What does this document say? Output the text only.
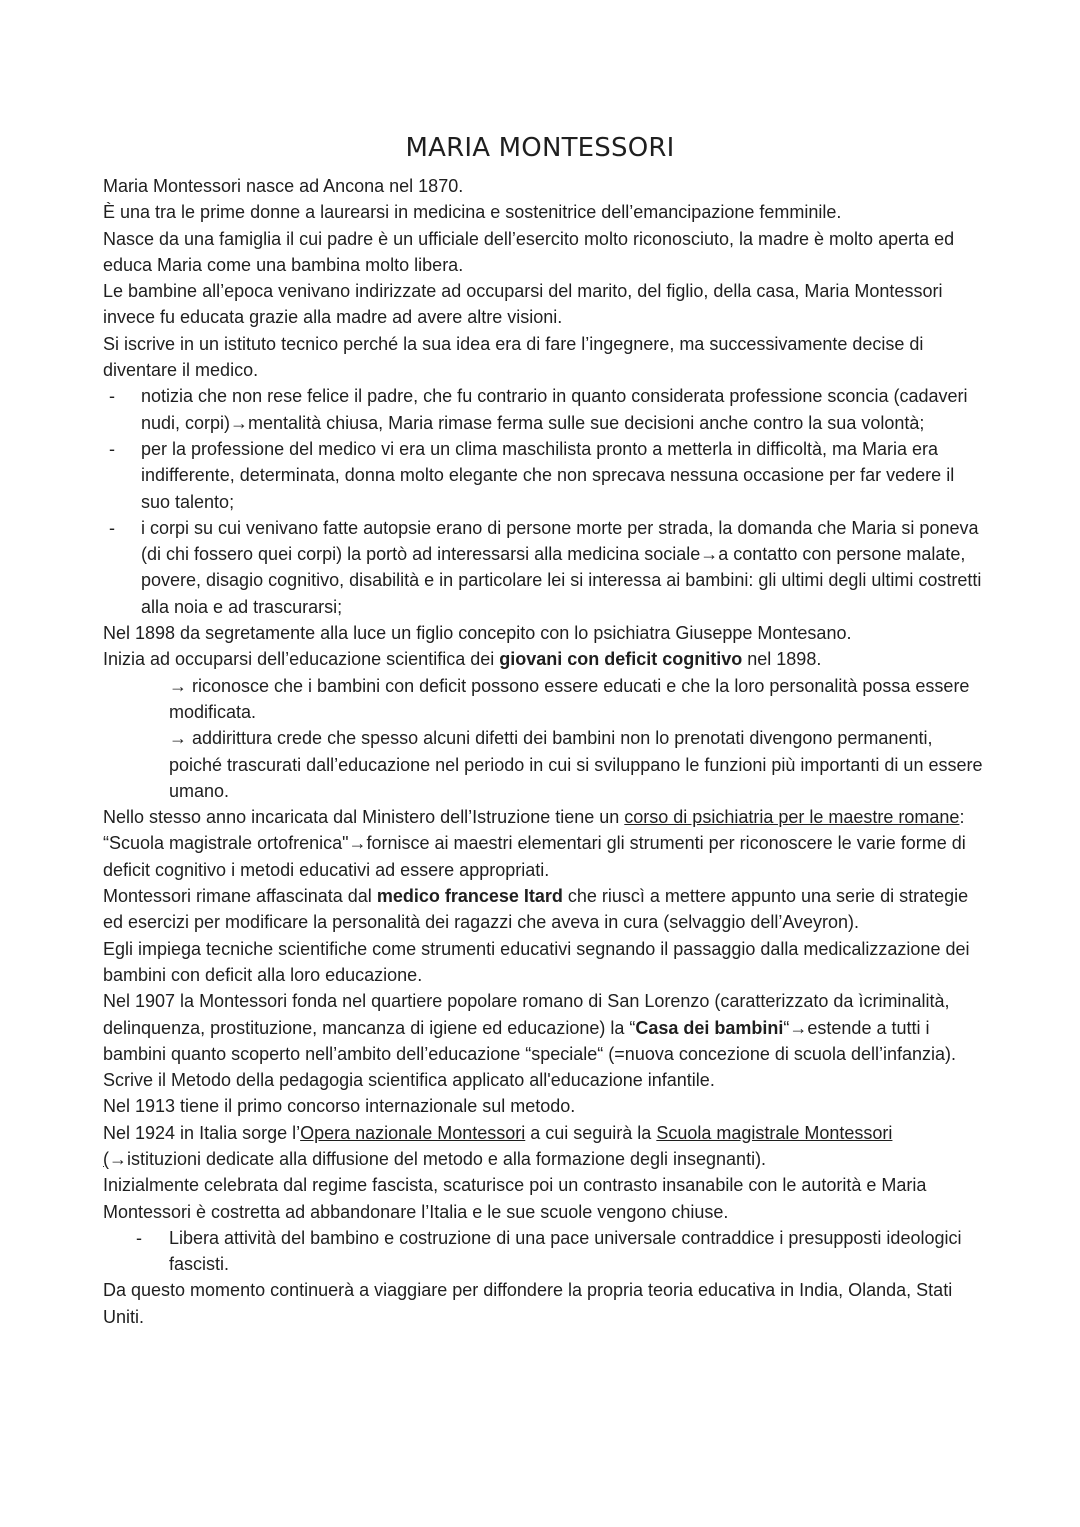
MARIA MONTESSORI

Maria Montessori nasce ad Ancona nel 1870.

È una tra le prime donne a laurearsi in medicina e sostenitrice dell’emancipazione femminile.

Nasce da una famiglia il cui padre è un ufficiale dell’esercito molto riconosciuto, la madre è molto aperta ed educa Maria come una bambina molto libera.

Le bambine all’epoca venivano indirizzate ad occuparsi del marito, del figlio, della casa, Maria Montessori invece fu educata grazie alla madre ad avere altre visioni.

Si iscrive in un istituto tecnico perché la sua idea era di fare l’ingegnere, ma successivamente decise di diventare il medico.

- notizia che non rese felice il padre, che fu contrario in quanto considerata professione sconcia (cadaveri nudi, corpi)→mentalità chiusa, Maria rimase ferma sulle sue decisioni anche contro la sua volontà;

- per la professione del medico vi era un clima maschilista pronto a metterla in difficoltà, ma Maria era indifferente, determinata, donna molto elegante che non sprecava nessuna occasione per far vedere il suo talento;

- i corpi su cui venivano fatte autopsie erano di persone morte per strada, la domanda che Maria si poneva (di chi fossero quei corpi) la portò ad interessarsi alla medicina sociale→a contatto con persone malate, povere, disagio cognitivo, disabilità e in particolare lei si interessa ai bambini: gli ultimi degli ultimi costretti alla noia e ad trascurarsi;

Nel 1898 da segretamente alla luce un figlio concepito con lo psichiatra Giuseppe Montesano.

Inizia ad occuparsi dell’educazione scientifica dei giovani con deficit cognitivo nel 1898.

→ riconosce che i bambini con deficit possono essere educati e che la loro personalità possa essere modificata.

→ addirittura crede che spesso alcuni difetti dei bambini non lo prenotati divengono permanenti, poiché trascurati dall’educazione nel periodo in cui si sviluppano le funzioni più importanti di un essere umano.

Nello stesso anno incaricata dal Ministero dell’Istruzione tiene un corso di psichiatria per le maestre romane: “Scuola magistrale ortofrenica"→fornisce ai maestri elementari gli strumenti per riconoscere le varie forme di deficit cognitivo i metodi educativi ad essere appropriati.

Montessori rimane affascinata dal medico francese Itard che riuscì a mettere appunto una serie di strategie ed esercizi per modificare la personalità dei ragazzi che aveva in cura (selvaggio dell’Aveyron).

Egli impiega tecniche scientifiche come strumenti educativi segnando il passaggio dalla medicalizzazione dei bambini con deficit alla loro educazione.

Nel 1907 la Montessori fonda nel quartiere popolare romano di San Lorenzo (caratterizzato da ìcriminalità, delinquenza, prostituzione, mancanza di igiene ed educazione) la “Casa dei bambini“→estende a tutti i bambini quanto scoperto nell’ambito dell’educazione “speciale“ (=nuova concezione di scuola dell’infanzia).

Scrive il Metodo della pedagogia scientifica applicato all'educazione infantile.

Nel 1913 tiene il primo concorso internazionale sul metodo.

Nel 1924 in Italia sorge l’Opera nazionale Montessori a cui seguirà la Scuola magistrale Montessori (→istituzioni dedicate alla diffusione del metodo e alla formazione degli insegnanti).

Inizialmente celebrata dal regime fascista, scaturisce poi un contrasto insanabile con le autorità e Maria Montessori è costretta ad abbandonare l’Italia e le sue scuole vengono chiuse.

- Libera attività del bambino e costruzione di una pace universale contraddice i presupposti ideologici fascisti.

Da questo momento continuerà a viaggiare per diffondere la propria teoria educativa in India, Olanda, Stati Uniti.
